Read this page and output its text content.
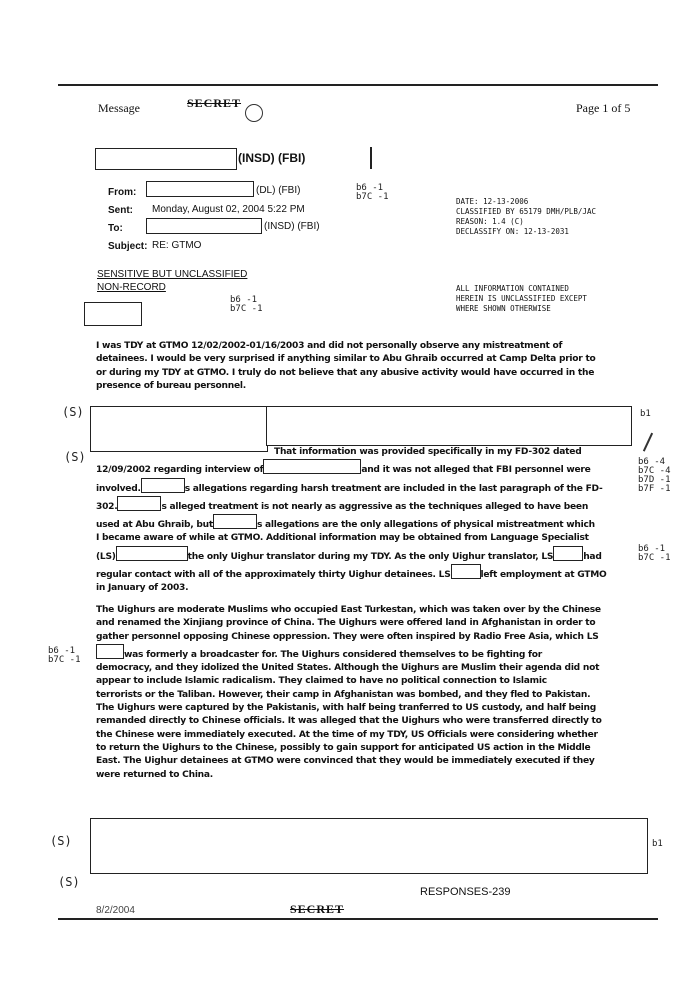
Message	SECRET	Page 1 of 5
(INSD) (FBI)
From:	(DL) (FBI)
Sent: Monday, August 02, 2004 5:22 PM
To:	(INSD) (FBI)
Subject: RE: GTMO
b6 -1
b7C -1	DATE: 12-13-2006
CLASSIFIED BY 65179 DMH/PLB/JAC
REASON: 1.4 (C)
DECLASSIFY ON: 12-13-2031
SENSITIVE BUT UNCLASSIFIED
NON-RECORD
b6 -1
b7C -1
ALL INFORMATION CONTAINED
HEREIN IS UNCLASSIFIED EXCEPT
WHERE SHOWN OTHERWISE
I was TDY at GTMO 12/02/2002-01/16/2003 and did not personally observe any mistreatment of
detainees. I would be very surprised if anything similar to Abu Ghraib occurred at Camp Delta prior to
or during my TDY at GTMO. I truly do not believe that any abusive activity would have occurred in the
presence of bureau personnel.
(S)
(S)
b1
That information was provided specifically in my FD-302 dated
12/09/2002 regarding interview of	and it was not alleged that FBI personnel were
involved.	s allegations regarding harsh treatment are included in the last paragraph of the FD-
302.	s alleged treatment is not nearly as aggressive as the techniques alleged to have been
used at Abu Ghraib, but	s allegations are the only allegations of physical mistreatment which
I became aware of while at GTMO. Additional information may be obtained from Language Specialist
(LS)	the only Uighur translator during my TDY. As the only Uighur translator, LS	had
regular contact with all of the approximately thirty Uighur detainees. LS	left employment at GTMO
in January of 2003.
b6 -4
b7C -4
b7D -1
b7F -1
b6 -1
b7C -1
The Uighurs are moderate Muslims who occupied East Turkestan, which was taken over by the Chinese
and renamed the Xinjiang province of China. The Uighurs were offered land in Afghanistan in order to
gather personnel opposing Chinese oppression. They were often inspired by Radio Free Asia, which LS
was formerly a broadcaster for. The Uighurs considered themselves to be fighting for
democracy, and they idolized the United States. Although the Uighurs are Muslim their agenda did not
appear to include Islamic radicalism. They claimed to have no political connection to Islamic
terrorists or the Taliban. However, their camp in Afghanistan was bombed, and they fled to Pakistan.
The Uighurs were captured by the Pakistanis, with half being tranferred to US custody, and half being
remanded directly to Chinese officials. It was alleged that the Uighurs who were transferred directly to
the Chinese were immediately executed. At the time of my TDY, US Officials were considering whether
to return the Uighurs to the Chinese, possibly to gain support for anticipated US action in the Middle
East. The Uighur detainees at GTMO were convinced that they would be immediately executed if they
were returned to China.
b6 -1
b7C -1
(S)	b1
(S)
RESPONSES-239
8/2/2004	SECRET
